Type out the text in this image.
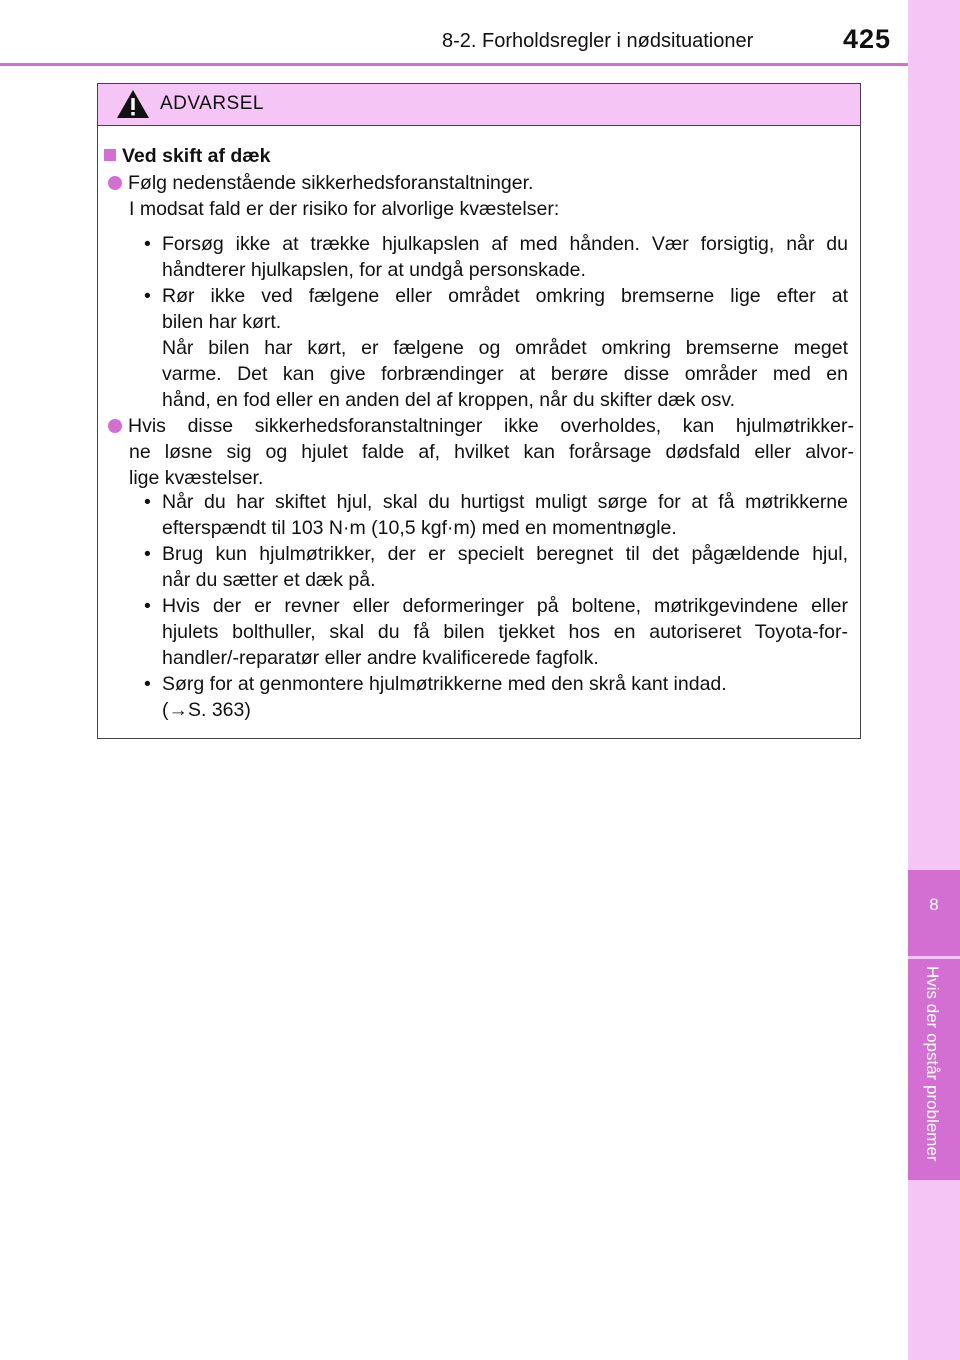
8
Hvis der opstår problemer
8-2. Forholdsregler i nødsituationer	425
ADVARSEL
Ved skift af dæk
Følg nedenstående sikkerhedsforanstaltninger.
I modsat fald er der risiko for alvorlige kvæstelser:
• Forsøg ikke at trække hjulkapslen af med hånden. Vær forsigtig, når du
håndterer hjulkapslen, for at undgå personskade.
• Rør ikke ved fælgene eller området omkring bremserne lige efter at
bilen har kørt.
Når bilen har kørt, er fælgene og området omkring bremserne meget
varme. Det kan give forbrændinger at berøre disse områder med en
hånd, en fod eller en anden del af kroppen, når du skifter dæk osv.
Hvis disse sikkerhedsforanstaltninger ikke overholdes, kan hjulmøtrikker-
ne løsne sig og hjulet falde af, hvilket kan forårsage dødsfald eller alvor-
lige kvæstelser.
• Når du har skiftet hjul, skal du hurtigst muligt sørge for at få møtrikkerne
efterspændt til 103 N·m (10,5 kgf·m) med en momentnøgle.
• Brug kun hjulmøtrikker, der er specielt beregnet til det pågældende hjul,
når du sætter et dæk på.
• Hvis der er revner eller deformeringer på boltene, møtrikgevindene eller
hjulets bolthuller, skal du få bilen tjekket hos en autoriseret Toyota-for-
handler/-reparatør eller andre kvalificerede fagfolk.
• Sørg for at genmontere hjulmøtrikkerne med den skrå kant indad.
(→S. 363)
